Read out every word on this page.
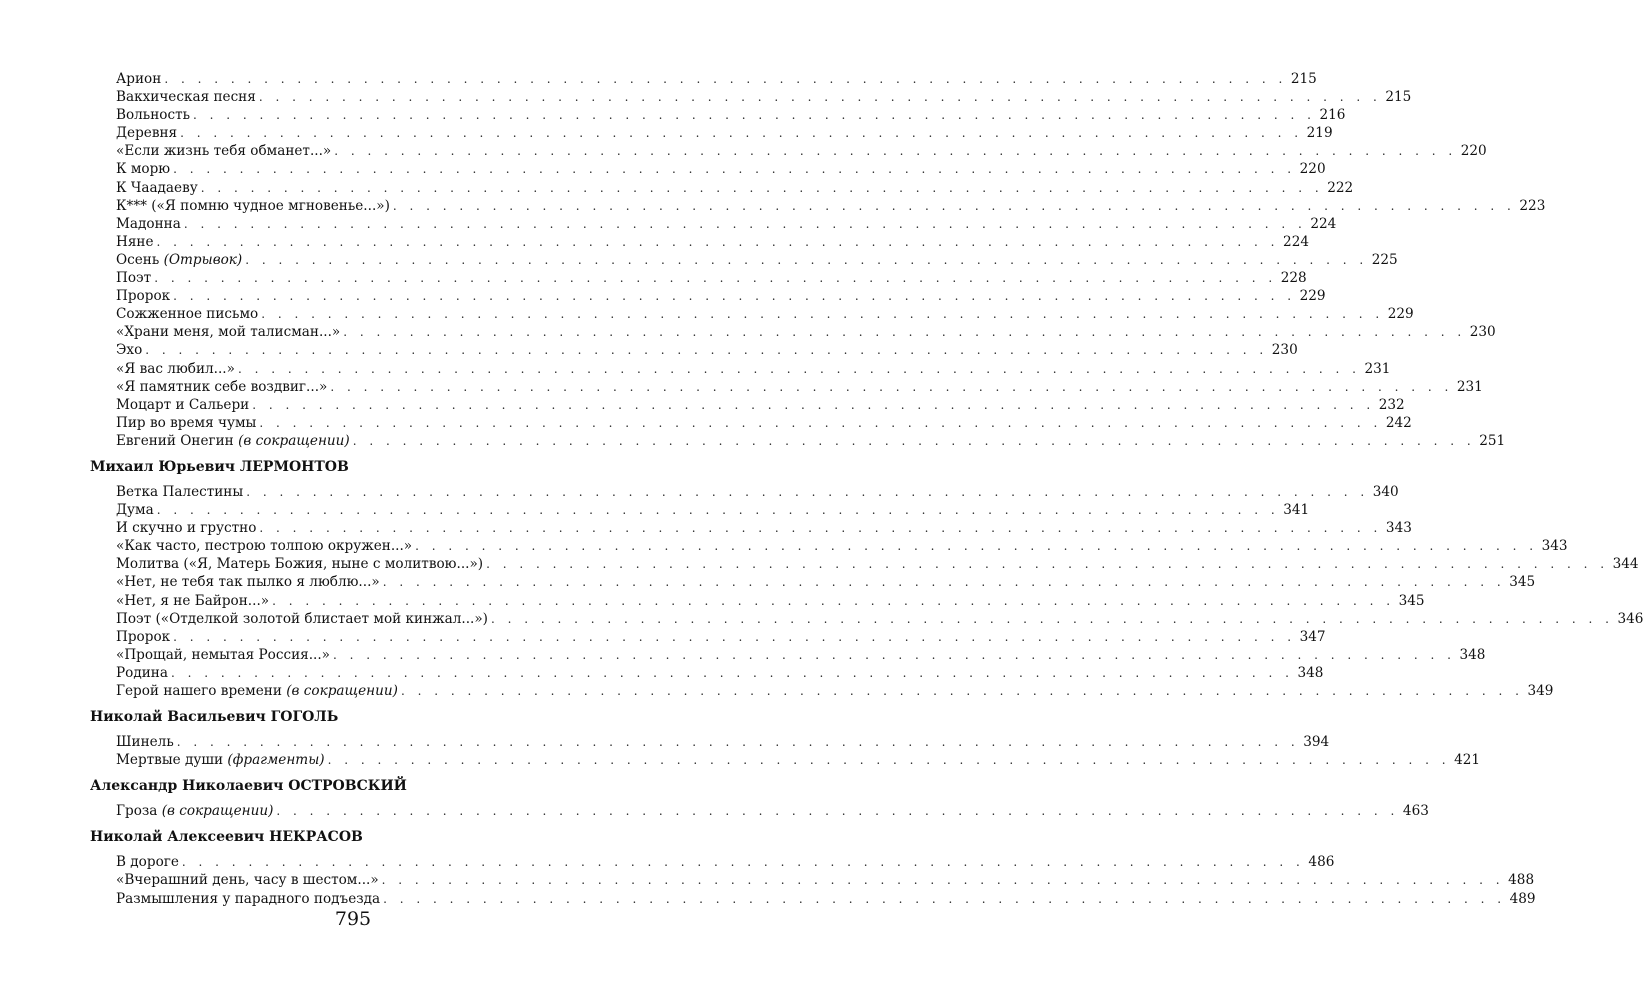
Арион . . . . . . . . . . . . . . . . . . . . . . . . . . . . . . . . . . . . . . . . . . . . . . . . . . . . . . . . . . . . . . . . . . . . 215
Вакхическая песня . . . . . . . . . . . . . . . . . . . . . . . . . . . . . . . . . . . . . . . . . . . . . . . . . . . . . . . . . . . . . . . . . . . . 215
Вольность . . . . . . . . . . . . . . . . . . . . . . . . . . . . . . . . . . . . . . . . . . . . . . . . . . . . . . . . . . . . . . . . . . . . 216
Деревня . . . . . . . . . . . . . . . . . . . . . . . . . . . . . . . . . . . . . . . . . . . . . . . . . . . . . . . . . . . . . . . . . . . . 219
«Если жизнь тебя обманет...» . . . . . . . . . . . . . . . . . . . . . . . . . . . . . . . . . . . . . . . . . . . . . . . . . . . . . . . . . . . . . . . . . . . . 220
К морю . . . . . . . . . . . . . . . . . . . . . . . . . . . . . . . . . . . . . . . . . . . . . . . . . . . . . . . . . . . . . . . . . . . . 220
К Чаадаеву . . . . . . . . . . . . . . . . . . . . . . . . . . . . . . . . . . . . . . . . . . . . . . . . . . . . . . . . . . . . . . . . . . . . 222
К*** («Я помню чудное мгновенье...») . . . . . . . . . . . . . . . . . . . . . . . . . . . . . . . . . . . . . . . . . . . . . . . . . . . . . . . . . . . . . . . . . . . . 223
Мадонна . . . . . . . . . . . . . . . . . . . . . . . . . . . . . . . . . . . . . . . . . . . . . . . . . . . . . . . . . . . . . . . . . . . . 224
Няне . . . . . . . . . . . . . . . . . . . . . . . . . . . . . . . . . . . . . . . . . . . . . . . . . . . . . . . . . . . . . . . . . . . . 224
Осень (Отрывок) . . . . . . . . . . . . . . . . . . . . . . . . . . . . . . . . . . . . . . . . . . . . . . . . . . . . . . . . . . . . . . . . . . . . 225
Поэт . . . . . . . . . . . . . . . . . . . . . . . . . . . . . . . . . . . . . . . . . . . . . . . . . . . . . . . . . . . . . . . . . . . . 228
Пророк . . . . . . . . . . . . . . . . . . . . . . . . . . . . . . . . . . . . . . . . . . . . . . . . . . . . . . . . . . . . . . . . . . . . 229
Сожженное письмо . . . . . . . . . . . . . . . . . . . . . . . . . . . . . . . . . . . . . . . . . . . . . . . . . . . . . . . . . . . . . . . . . . . . 229
«Храни меня, мой талисман...» . . . . . . . . . . . . . . . . . . . . . . . . . . . . . . . . . . . . . . . . . . . . . . . . . . . . . . . . . . . . . . . . . . . . 230
Эхо . . . . . . . . . . . . . . . . . . . . . . . . . . . . . . . . . . . . . . . . . . . . . . . . . . . . . . . . . . . . . . . . . . . . 230
«Я вас любил...» . . . . . . . . . . . . . . . . . . . . . . . . . . . . . . . . . . . . . . . . . . . . . . . . . . . . . . . . . . . . . . . . . . . . 231
«Я памятник себе воздвиг...» . . . . . . . . . . . . . . . . . . . . . . . . . . . . . . . . . . . . . . . . . . . . . . . . . . . . . . . . . . . . . . . . . . . . 231
Моцарт и Сальери . . . . . . . . . . . . . . . . . . . . . . . . . . . . . . . . . . . . . . . . . . . . . . . . . . . . . . . . . . . . . . . . . . . . 232
Пир во время чумы . . . . . . . . . . . . . . . . . . . . . . . . . . . . . . . . . . . . . . . . . . . . . . . . . . . . . . . . . . . . . . . . . . . . 242
Евгений Онегин (в сокращении) . . . . . . . . . . . . . . . . . . . . . . . . . . . . . . . . . . . . . . . . . . . . . . . . . . . . . . . . . . . . . . . . . . . . 251
Михаил Юрьевич ЛЕРМОНТОВ
Ветка Палестины . . . . . . . . . . . . . . . . . . . . . . . . . . . . . . . . . . . . . . . . . . . . . . . . . . . . . . . . . . . . . . . . . . . . 340
Дума . . . . . . . . . . . . . . . . . . . . . . . . . . . . . . . . . . . . . . . . . . . . . . . . . . . . . . . . . . . . . . . . . . . . 341
И скучно и грустно . . . . . . . . . . . . . . . . . . . . . . . . . . . . . . . . . . . . . . . . . . . . . . . . . . . . . . . . . . . . . . . . . . . . 343
«Как часто, пестрою толпою окружен...» . . . . . . . . . . . . . . . . . . . . . . . . . . . . . . . . . . . . . . . . . . . . . . . . . . . . . . . . . . . . . . . . . . . . 343
Молитва («Я, Матерь Божия, ныне с молитвою...») . . . . . . . . . . . . . . . . . . . . . . . . . . . . . . . . . . . . . . . . . . . . . . . . . . . . . . . . . . . . . . . . . . . . 344
«Нет, не тебя так пылко я люблю...» . . . . . . . . . . . . . . . . . . . . . . . . . . . . . . . . . . . . . . . . . . . . . . . . . . . . . . . . . . . . . . . . . . . . 345
«Нет, я не Байрон...» . . . . . . . . . . . . . . . . . . . . . . . . . . . . . . . . . . . . . . . . . . . . . . . . . . . . . . . . . . . . . . . . . . . . 345
Поэт («Отделкой золотой блистает мой кинжал...») . . . . . . . . . . . . . . . . . . . . . . . . . . . . . . . . . . . . . . . . . . . . . . . . . . . . . . . . . . . . . . . . . . . . 346
Пророк . . . . . . . . . . . . . . . . . . . . . . . . . . . . . . . . . . . . . . . . . . . . . . . . . . . . . . . . . . . . . . . . . . . . 347
«Прощай, немытая Россия...» . . . . . . . . . . . . . . . . . . . . . . . . . . . . . . . . . . . . . . . . . . . . . . . . . . . . . . . . . . . . . . . . . . . . 348
Родина . . . . . . . . . . . . . . . . . . . . . . . . . . . . . . . . . . . . . . . . . . . . . . . . . . . . . . . . . . . . . . . . . . . . 348
Герой нашего времени (в сокращении) . . . . . . . . . . . . . . . . . . . . . . . . . . . . . . . . . . . . . . . . . . . . . . . . . . . . . . . . . . . . . . . . . . . . 349
Николай Васильевич ГОГОЛЬ
Шинель . . . . . . . . . . . . . . . . . . . . . . . . . . . . . . . . . . . . . . . . . . . . . . . . . . . . . . . . . . . . . . . . . . . . 394
Мертвые души (фрагменты) . . . . . . . . . . . . . . . . . . . . . . . . . . . . . . . . . . . . . . . . . . . . . . . . . . . . . . . . . . . . . . . . . . . . 421
Александр Николаевич ОСТРОВСКИЙ
Гроза (в сокращении) . . . . . . . . . . . . . . . . . . . . . . . . . . . . . . . . . . . . . . . . . . . . . . . . . . . . . . . . . . . . . . . . . . . . 463
Николай Алексеевич НЕКРАСОВ
В дороге . . . . . . . . . . . . . . . . . . . . . . . . . . . . . . . . . . . . . . . . . . . . . . . . . . . . . . . . . . . . . . . . . . . . 486
«Вчерашний день, часу в шестом...» . . . . . . . . . . . . . . . . . . . . . . . . . . . . . . . . . . . . . . . . . . . . . . . . . . . . . . . . . . . . . . . . . . . . 488
Размышления у парадного подъезда . . . . . . . . . . . . . . . . . . . . . . . . . . . . . . . . . . . . . . . . . . . . . . . . . . . . . . . . . . . . . . . . . . . . 489
795
